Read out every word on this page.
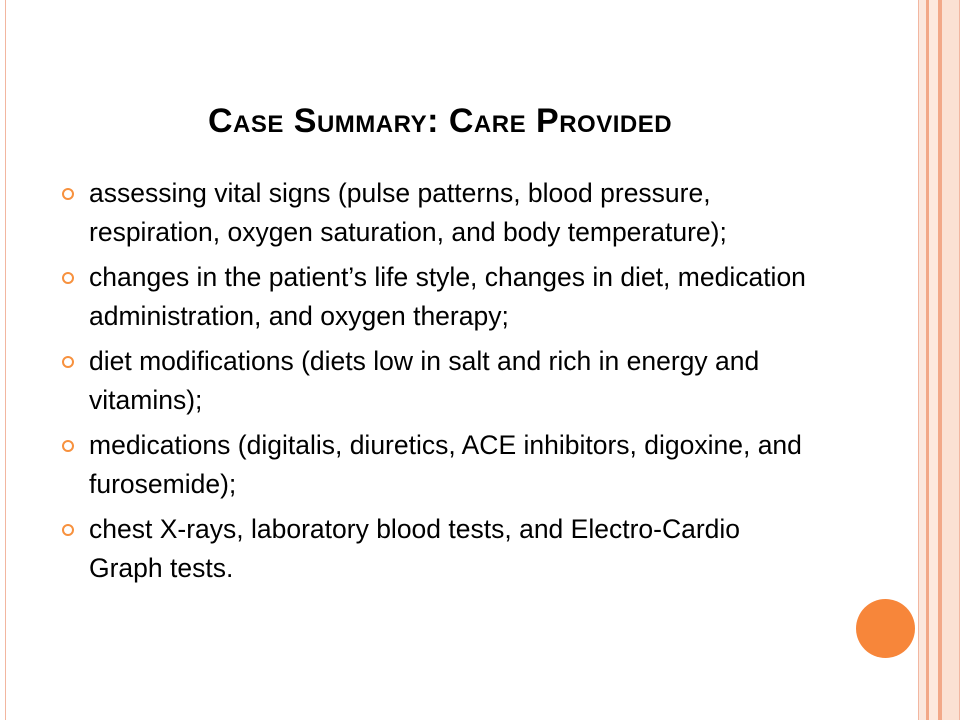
Case Summary: Care Provided
assessing vital signs (pulse patterns, blood pressure, respiration, oxygen saturation, and body temperature);
changes in the patient’s life style, changes in diet, medication administration, and oxygen therapy;
diet modifications (diets low in salt and rich in energy and vitamins);
medications (digitalis, diuretics, ACE inhibitors, digoxine, and furosemide);
chest X-rays, laboratory blood tests, and Electro-Cardio Graph tests.
